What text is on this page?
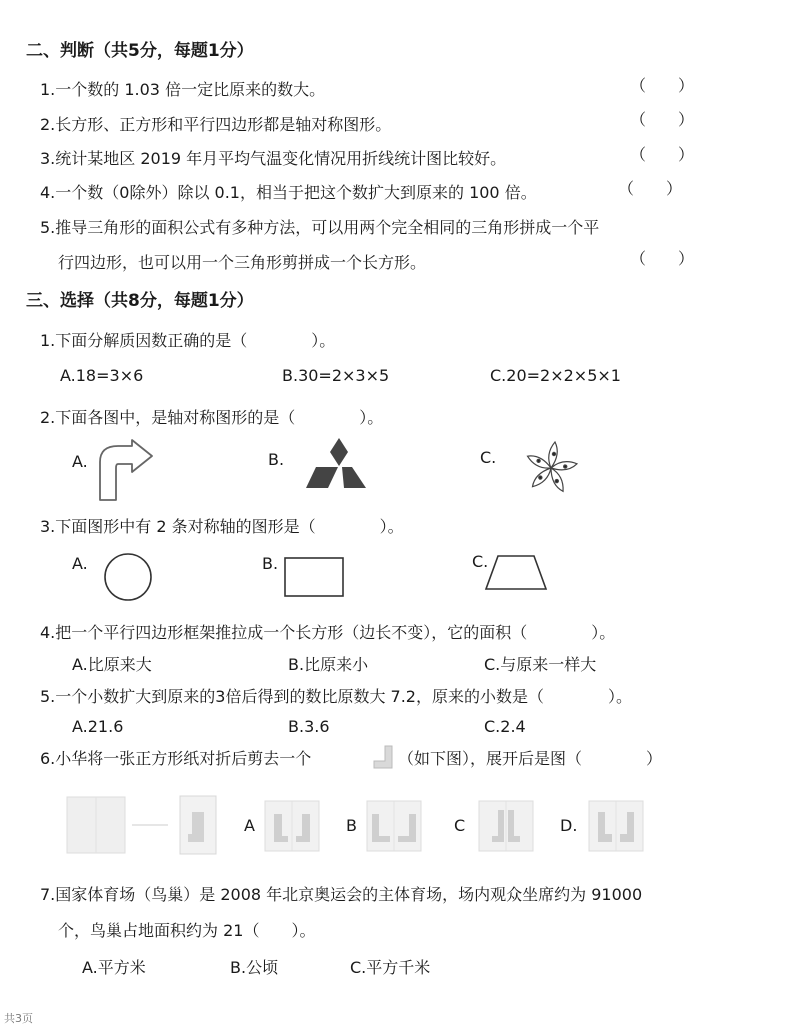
二、判断（共5分，每题1分）
1.一个数的 1.03 倍一定比原来的数大。	（　　）
2.长方形、正方形和平行四边形都是轴对称图形。	（　　）
3.统计某地区 2019 年月平均气温变化情况用折线统计图比较好。	（　　）
4.一个数（0除外）除以 0.1，相当于把这个数扩大到原来的 100 倍。	（　　）
5.推导三角形的面积公式有多种方法，可以用两个完全相同的三角形拼成一个平
行四边形，也可以用一个三角形剪拼成一个长方形。	（　　）
三、选择（共8分，每题1分）
1.下面分解质因数正确的是（　　　　）。
A.18=3×6	B.30=2×3×5	C.20=2×2×5×1
2.下面各图中，是轴对称图形的是（　　　　）。
A.	B.	C.
3.下面图形中有 2 条对称轴的图形是（　　　　）。
A.	B.	C.
4.把一个平行四边形框架推拉成一个长方形（边长不变），它的面积（　　　　）。
A.比原来大	B.比原来小	C.与原来一样大
5.一个小数扩大到原来的3倍后得到的数比原数大 7.2，原来的小数是（　　　　）。
A.21.6	B.3.6	C.2.4
6.小华将一张正方形纸对折后剪去一个	（如下图），展开后是图（　　　　）
A	B	C	D.
7.国家体育场（鸟巢）是 2008 年北京奥运会的主体育场，场内观众坐席约为 91000
个，鸟巢占地面积约为 21（　　）。
A.平方米	B.公顷	C.平方千米
共3页
